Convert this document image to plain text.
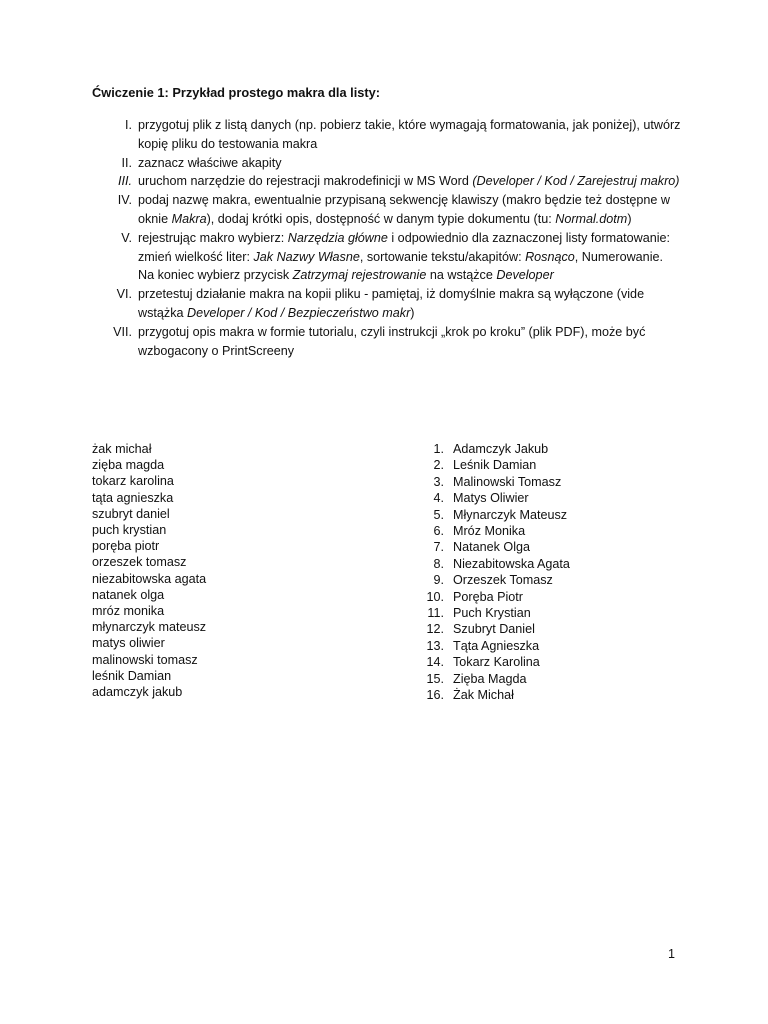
Ćwiczenie 1: Przykład prostego makra dla listy:
I. przygotuj plik z listą danych (np. pobierz takie, które wymagają formatowania, jak poniżej), utwórz kopię pliku do testowania makra
II. zaznacz właściwe akapity
III. uruchom narzędzie do rejestracji makrodefinicji w MS Word (Developer / Kod / Zarejestruj makro)
IV. podaj nazwę makra, ewentualnie przypisaną sekwencję klawiszy (makro będzie też dostępne w oknie Makra), dodaj krótki opis, dostępność w danym typie dokumentu (tu: Normal.dotm)
V. rejestrując makro wybierz: Narzędzia główne i odpowiednio dla zaznaczonej listy formatowanie: zmień wielkość liter: Jak Nazwy Własne, sortowanie tekstu/akapitów: Rosnąco, Numerowanie. Na koniec wybierz przycisk Zatrzymaj rejestrowanie na wstążce Developer
VI. przetestuj działanie makra na kopii pliku - pamiętaj, iż domyślnie makra są wyłączone (vide wstążka Developer / Kod / Bezpieczeństwo makr)
VII. przygotuj opis makra w formie tutorialu, czyli instrukcji „krok po kroku” (plik PDF), może być wzbogacony o PrintScreeny
żak michał
zięba magda
tokarz karolina
tąta agnieszka
szubryt daniel
puch krystian
poręba piotr
orzeszek tomasz
niezabitowska agata
natanek olga
mróz monika
młynarczyk mateusz
matys oliwier
malinowski tomasz
leśnik Damian
adamczyk jakub
1. Adamczyk Jakub
2. Leśnik Damian
3. Malinowski Tomasz
4. Matys Oliwier
5. Młynarczyk Mateusz
6. Mróz Monika
7. Natanek Olga
8. Niezabitowska Agata
9. Orzeszek Tomasz
10. Poręba Piotr
11. Puch Krystian
12. Szubryt Daniel
13. Tąta Agnieszka
14. Tokarz Karolina
15. Zięba Magda
16. Żak Michał
1
